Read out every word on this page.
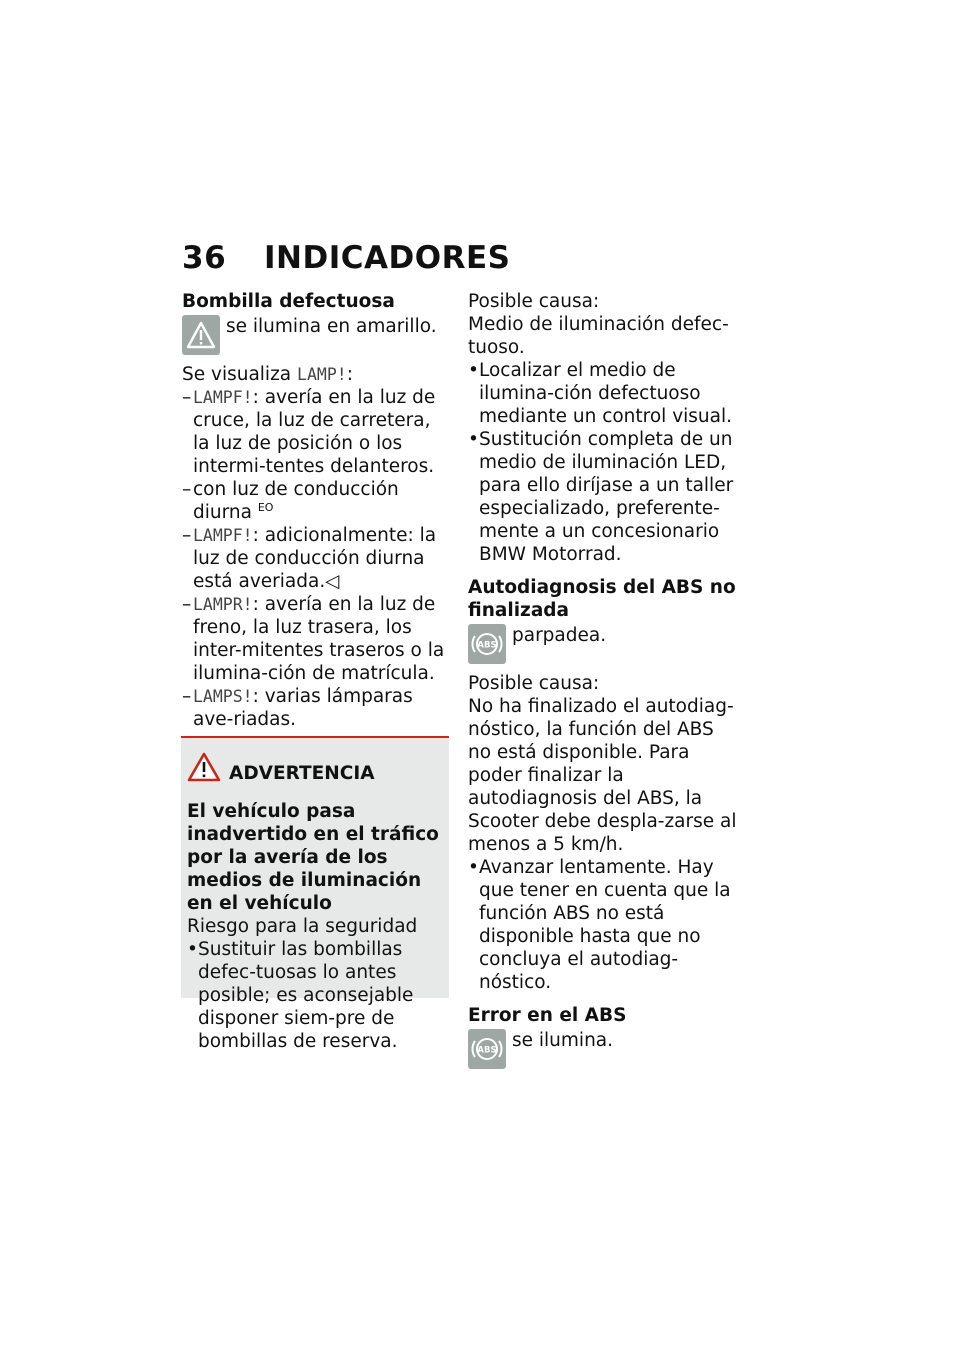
36 INDICADORES

Bombilla defectuosa

se ilumina en amarillo.

Se visualiza LAMP!:

– LAMPF!: avería en la luz de cruce, la luz de carretera, la luz de posición o los intermi-tentes delanteros.
– con luz de conducción diurna $^{EO}$
– LAMPF!: adicionalmente: la luz de conducción diurna está averiada.◁
– LAMPR!: avería en la luz de freno, la luz trasera, los inter-mitentes traseros o la ilumina-ción de matrícula.
– LAMPS!: varias lámparas ave-riadas.
ADVERTENCIA

El vehículo pasa inadvertido en el tráfico por la avería de los medios de iluminación en el vehículo

Riesgo para la seguridad

• Sustituir las bombillas defec-tuosas lo antes posible; es aconsejable disponer siem-pre de bombillas de reserva.

Posible causa:

Medio de iluminación defec-tuoso.

• Localizar el medio de ilumina-ción defectuoso mediante un control visual.
• Sustitución completa de un medio de iluminación LED, para ello diríjase a un taller especializado, preferente-mente a un concesionario BMW Motorrad.

Autodiagnosis del ABS no finalizada

ABS parpadea.

Posible causa:

No ha finalizado el autodiag-nóstico, la función del ABS no está disponible. Para poder finalizar la autodiagnosis del ABS, la Scooter debe despla-zarse al menos a 5 km/h.

• Avanzar lentamente. Hay que tener en cuenta que la función ABS no está disponible hasta que no concluya el autodiag-nóstico.

Error en el ABS

ABS se ilumina.
